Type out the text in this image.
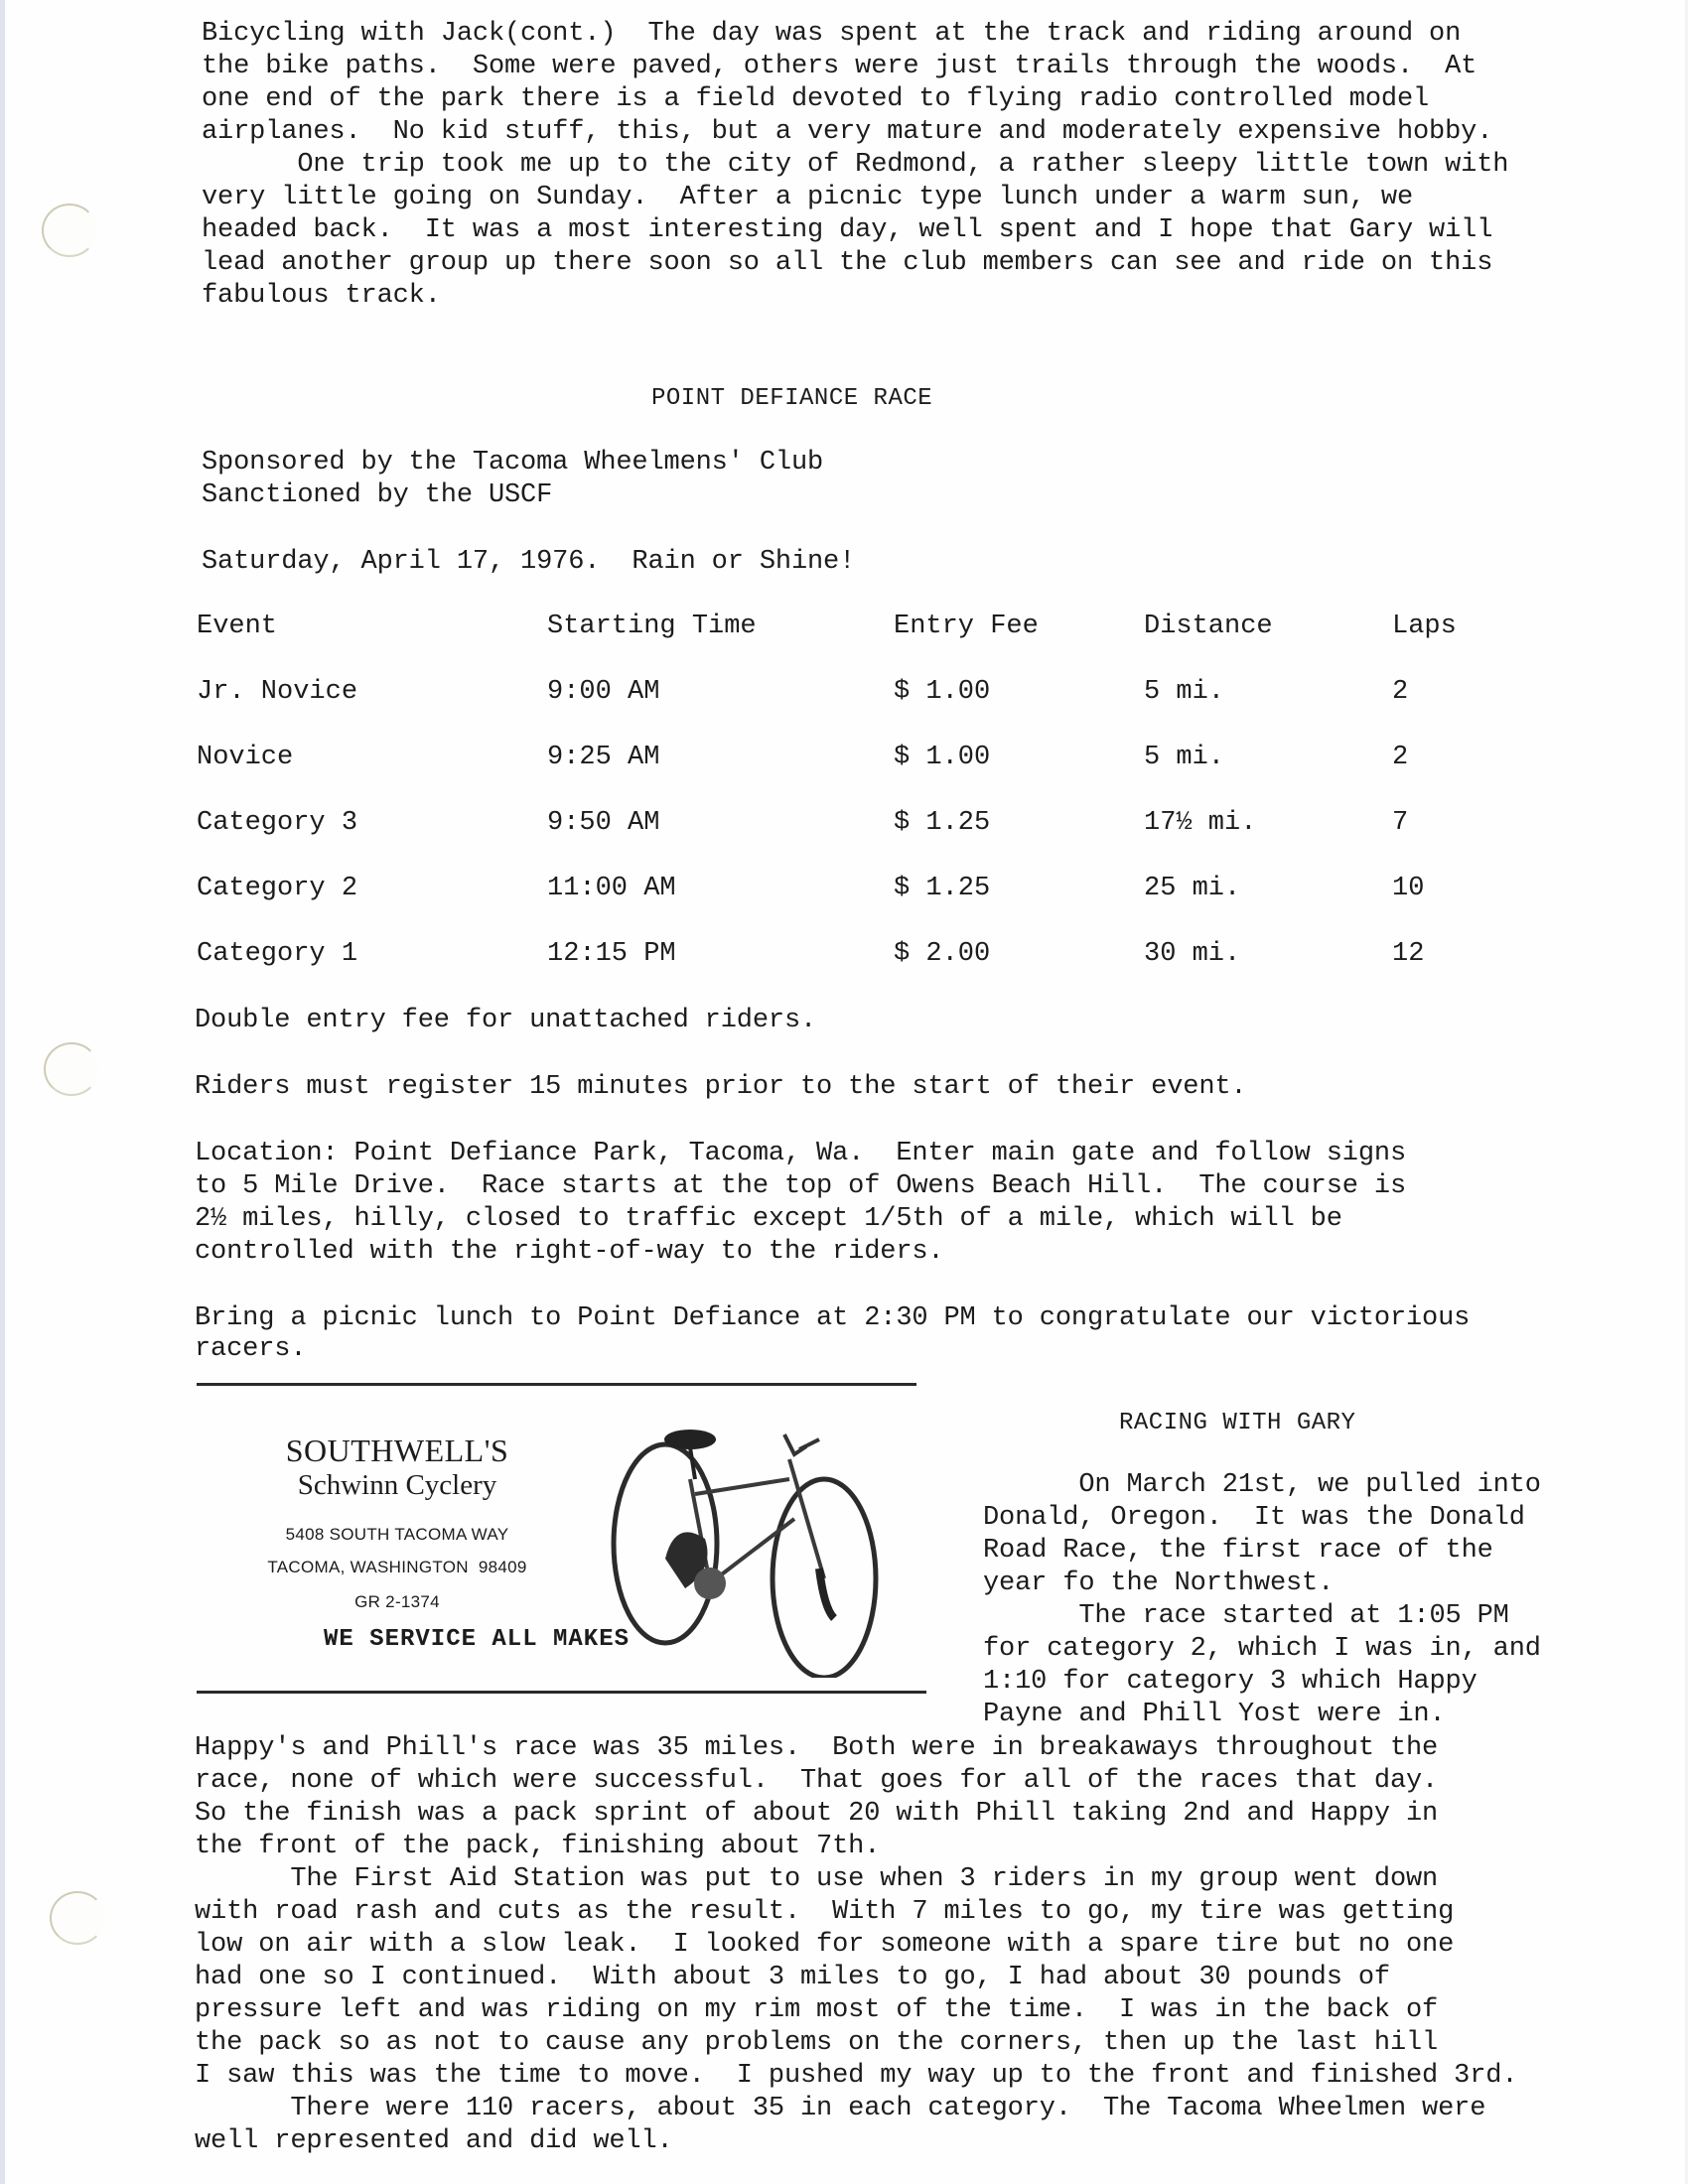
Bicycling with Jack(cont.)  The day was spent at the track and riding around on
the bike paths.  Some were paved, others were just trails through the woods.  At
one end of the park there is a field devoted to flying radio controlled model
airplanes.  No kid stuff, this, but a very mature and moderately expensive hobby.
One trip took me up to the city of Redmond, a rather sleepy little town with
very little going on Sunday.  After a picnic type lunch under a warm sun, we
headed back.  It was a most interesting day, well spent and I hope that Gary will
lead another group up there soon so all the club members can see and ride on this
fabulous track.
POINT DEFIANCE RACE
Sponsored by the Tacoma Wheelmens' Club
Sanctioned by the USCF
Saturday, April 17, 1976.  Rain or Shine!
Event	Starting Time	Entry Fee	Distance	Laps
Jr. Novice	9:00 AM	$ 1.00	5 mi.	2
Novice	9:25 AM	$ 1.00	5 mi.	2
Category 3	9:50 AM	$ 1.25	17½ mi.	7
Category 2	11:00 AM	$ 1.25	25 mi.	10
Category 1	12:15 PM	$ 2.00	30 mi.	12
Double entry fee for unattached riders.
Riders must register 15 minutes prior to the start of their event.
Location: Point Defiance Park, Tacoma, Wa.  Enter main gate and follow signs
to 5 Mile Drive.  Race starts at the top of Owens Beach Hill.  The course is
2½ miles, hilly, closed to traffic except 1/5th of a mile, which will be
controlled with the right-of-way to the riders.
Bring a picnic lunch to Point Defiance at 2:30 PM to congratulate our victorious
racers.
SOUTHWELL'S
Schwinn Cyclery
5408 SOUTH TACOMA WAY
TACOMA, WASHINGTON  98409
GR 2-1374
WE SERVICE ALL MAKES
RACING WITH GARY
On March 21st, we pulled into
Donald, Oregon.  It was the Donald
Road Race, the first race of the
year fo the Northwest.
The race started at 1:05 PM
for category 2, which I was in, and
1:10 for category 3 which Happy
Payne and Phill Yost were in.
Happy's and Phill's race was 35 miles.  Both were in breakaways throughout the
race, none of which were successful.  That goes for all of the races that day.
So the finish was a pack sprint of about 20 with Phill taking 2nd and Happy in
the front of the pack, finishing about 7th.
The First Aid Station was put to use when 3 riders in my group went down
with road rash and cuts as the result.  With 7 miles to go, my tire was getting
low on air with a slow leak.  I looked for someone with a spare tire but no one
had one so I continued.  With about 3 miles to go, I had about 30 pounds of
pressure left and was riding on my rim most of the time.  I was in the back of
the pack so as not to cause any problems on the corners, then up the last hill
I saw this was the time to move.  I pushed my way up to the front and finished 3rd.
There were 110 racers, about 35 in each category.  The Tacoma Wheelmen were
well represented and did well.
